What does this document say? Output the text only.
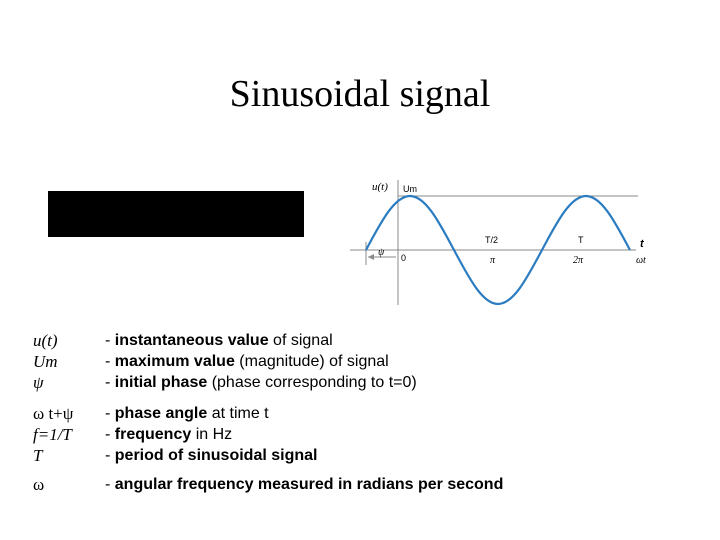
Sinusoidal signal
u(t) Um
T/2
π
T
2π
0
ψ
t
ωt
u(t)
Um
ψ
ω t+ψ
f=1/T
T
ω
- instantaneous value of signal
- maximum value (magnitude) of signal
- initial phase (phase corresponding to t=0)
- phase angle at time t
- frequency in Hz
- period of sinusoidal signal
- angular frequency measured in radians per second
